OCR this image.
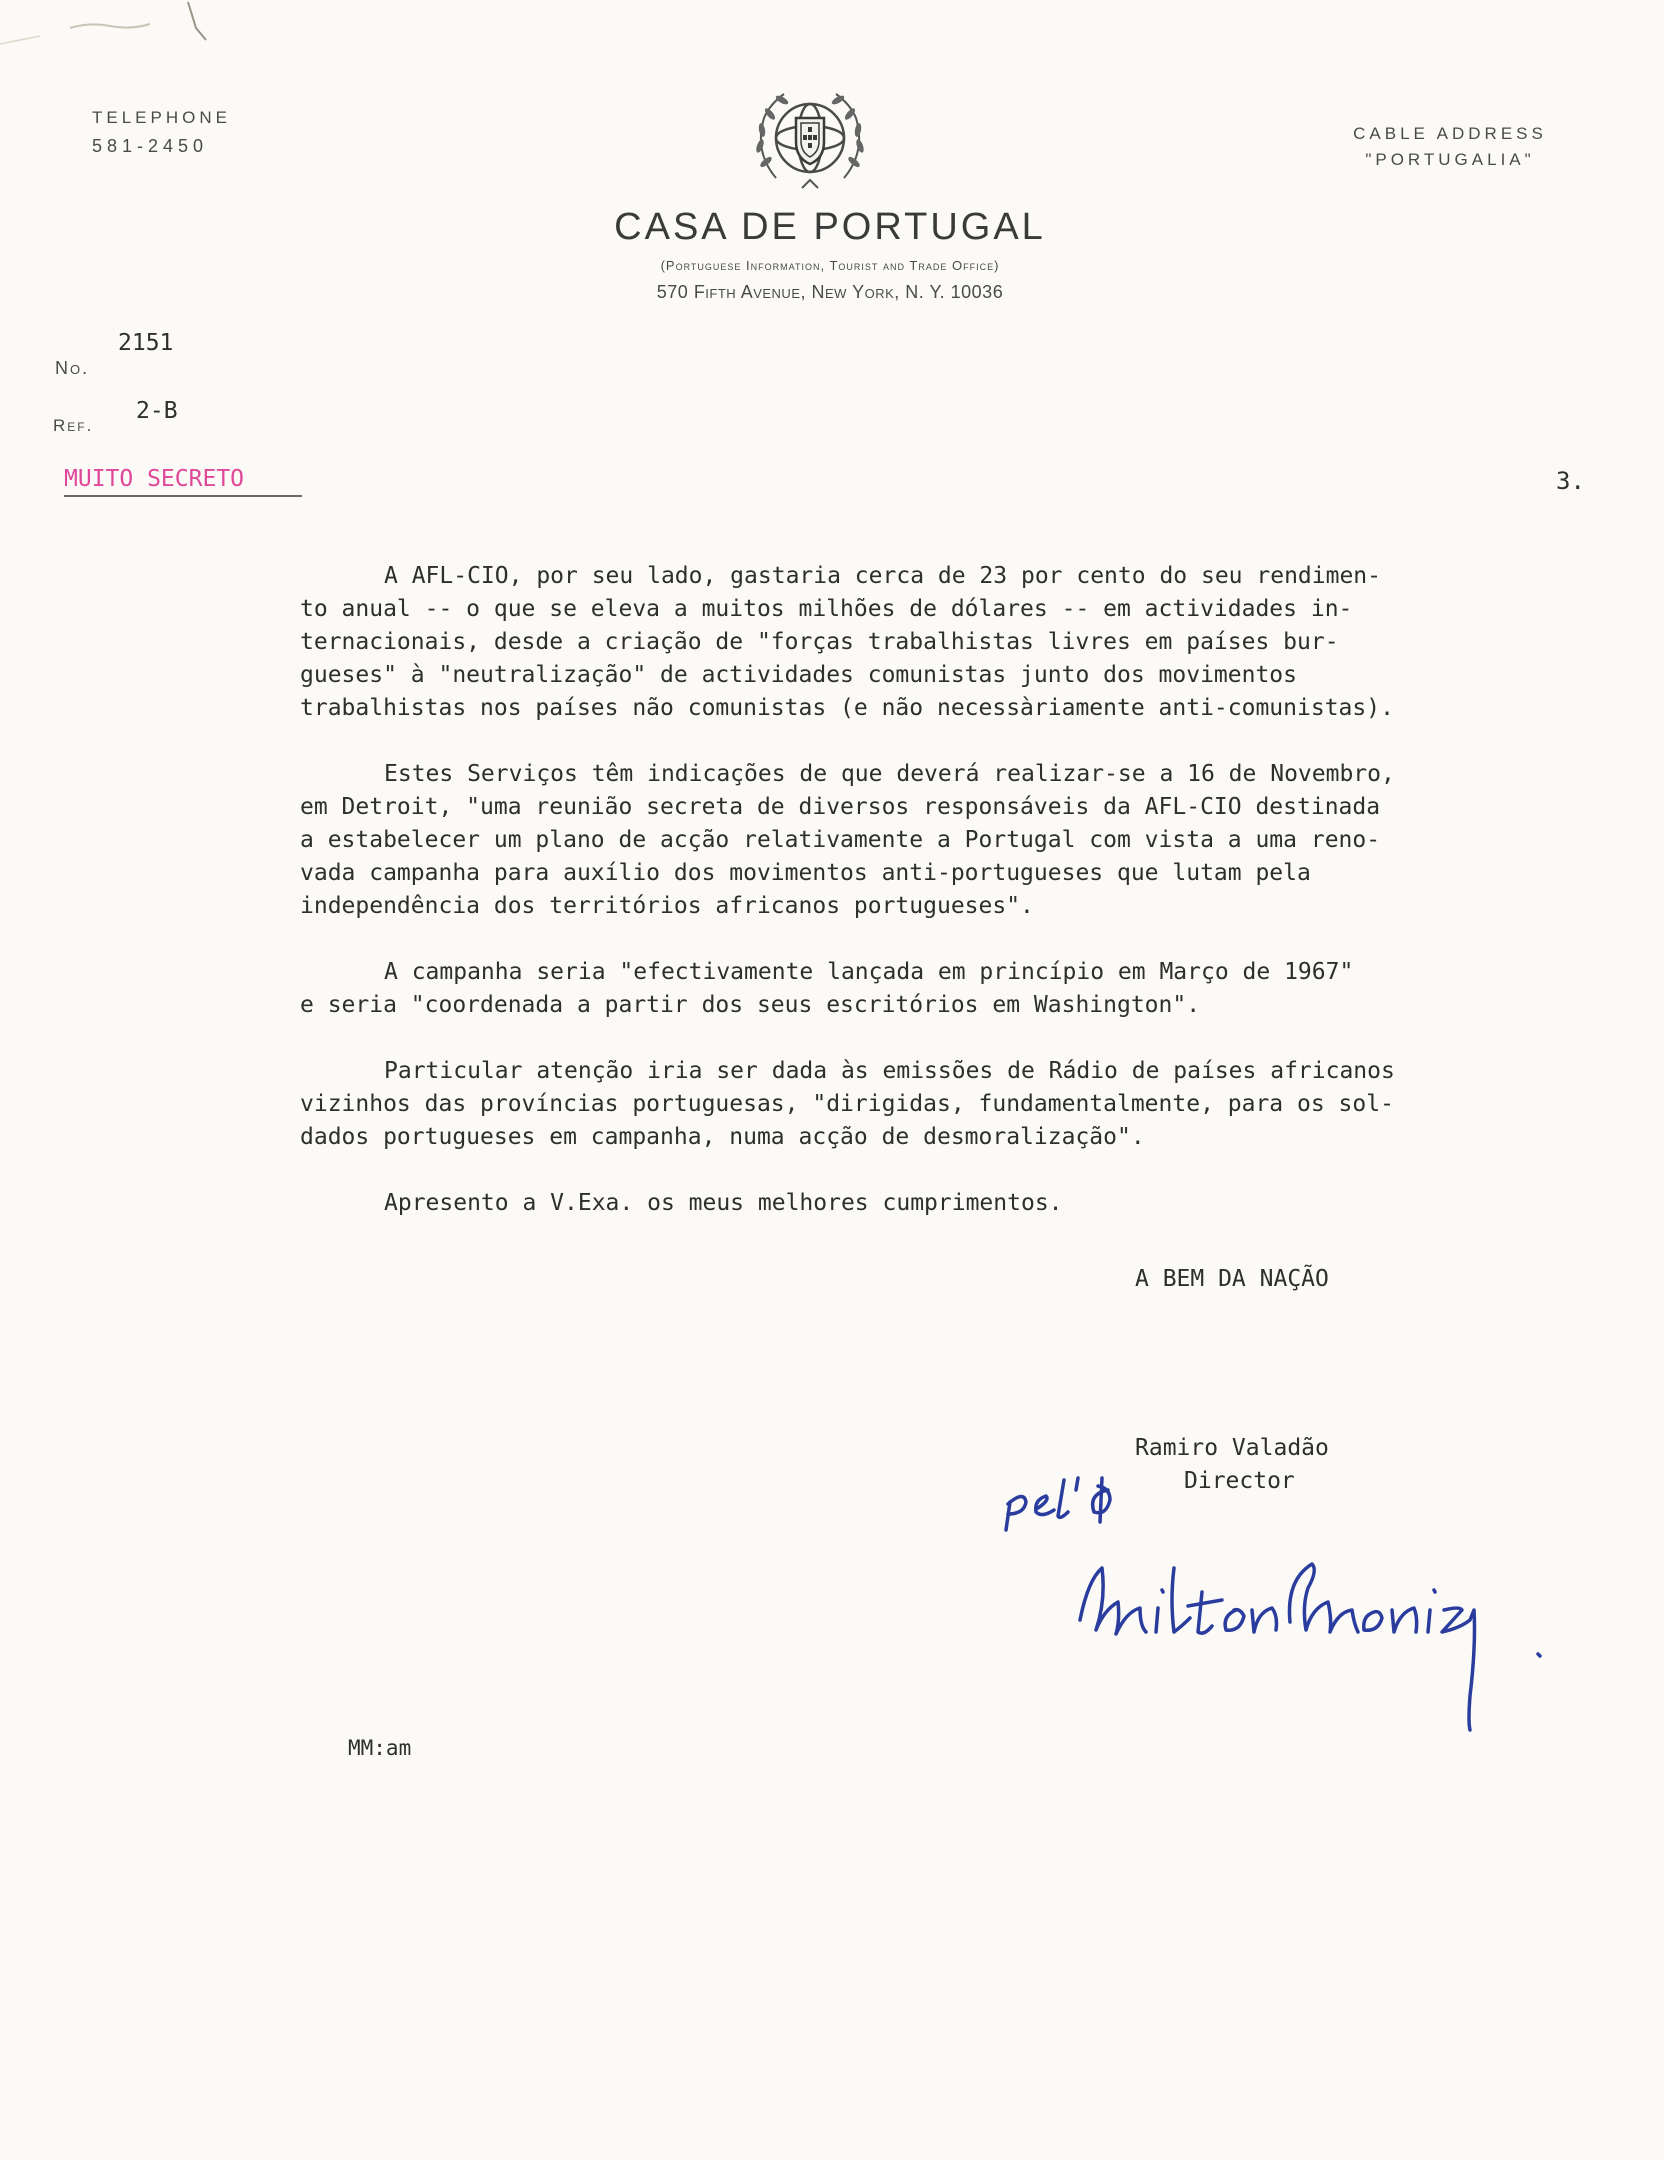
TELEPHONE
581-2450
CABLE ADDRESS
"PORTUGALIA"
CASA DE PORTUGAL
(Portuguese Information, Tourist and Trade Office)
570 Fifth Avenue, New York, N. Y. 10036
No.
2151
Ref.
2-B
MUITO SECRETO	3.
A AFL-CIO, por seu lado, gastaria cerca de 23 por cento do seu rendimen-
to anual -- o que se eleva a muitos milhões de dólares -- em actividades in-
ternacionais, desde a criação de "forças trabalhistas livres em países bur-
gueses" à "neutralização" de actividades comunistas junto dos movimentos
trabalhistas nos países não comunistas (e não necessàriamente anti-comunistas).
Estes Serviços têm indicações de que deverá realizar-se a 16 de Novembro,
em Detroit, "uma reunião secreta de diversos responsáveis da AFL-CIO destinada
a estabelecer um plano de acção relativamente a Portugal com vista a uma reno-
vada campanha para auxílio dos movimentos anti-portugueses que lutam pela
independência dos territórios africanos portugueses".
A campanha seria "efectivamente lançada em princípio em Março de 1967"
e seria "coordenada a partir dos seus escritórios em Washington".
Particular atenção iria ser dada às emissões de Rádio de países africanos
vizinhos das províncias portuguesas, "dirigidas, fundamentalmente, para os sol-
dados portugueses em campanha, numa acção de desmoralização".
Apresento a V.Exa. os meus melhores cumprimentos.
A BEM DA NAÇÃO
Ramiro Valadão
Director
MM:am
